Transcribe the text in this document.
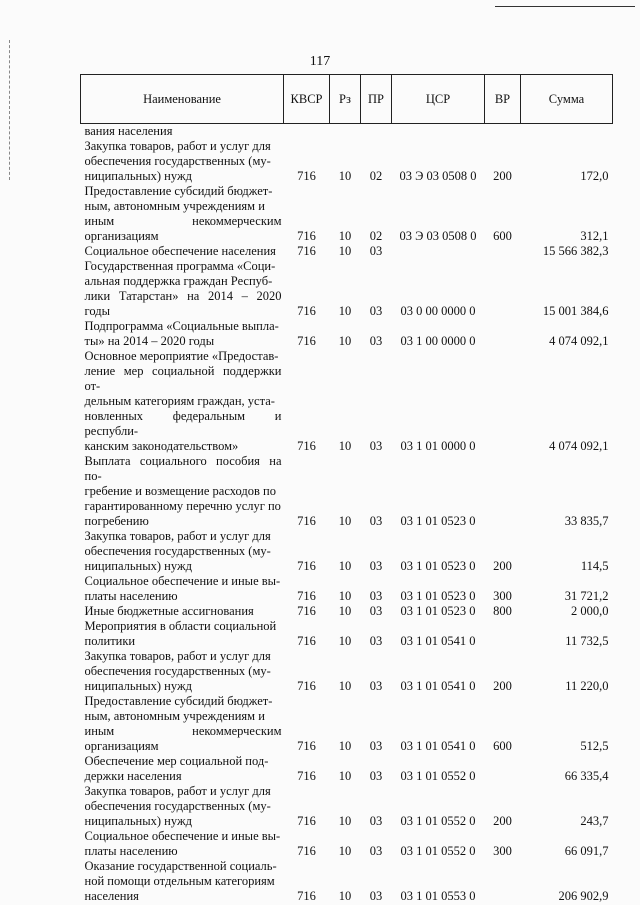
117
Наименование	КВСР	Рз	ПР	ЦСР	ВР	Сумма

вания населения						

Закупка товаров, работ и услуг для
обеспечения государственных (му-
ниципальных) нужд	716	10	02	03 Э 03 0508 0	200	172,0

Предоставление субсидий бюджет-
ным, автономным учреждениям и
иным некоммерческим организациям	716	10	02	03 Э 03 0508 0	600	312,1

Социальное обеспечение населения	716	10	03			15 566 382,3

Государственная программа «Соци-
альная поддержка граждан Респуб-
лики Татарстан» на 2014 – 2020 годы	716	10	03	03 0 00 0000 0		15 001 384,6

Подпрограмма «Социальные выпла-
ты» на 2014 – 2020 годы	716	10	03	03 1 00 0000 0		4 074 092,1

Основное мероприятие «Предостав-
ление мер социальной поддержки от-
дельным категориям граждан, уста-
новленных федеральным и республи-
канским законодательством»	716	10	03	03 1 01 0000 0		4 074 092,1

Выплата социального пособия на по-
гребение и возмещение расходов по
гарантированному перечню услуг по
погребению	716	10	03	03 1 01 0523 0		33 835,7

Закупка товаров, работ и услуг для
обеспечения государственных (му-
ниципальных) нужд	716	10	03	03 1 01 0523 0	200	114,5

Социальное обеспечение и иные вы-
платы населению	716	10	03	03 1 01 0523 0	300	31 721,2

Иные бюджетные ассигнования	716	10	03	03 1 01 0523 0	800	2 000,0

Мероприятия в области социальной
политики	716	10	03	03 1 01 0541 0		11 732,5

Закупка товаров, работ и услуг для
обеспечения государственных (му-
ниципальных) нужд	716	10	03	03 1 01 0541 0	200	11 220,0

Предоставление субсидий бюджет-
ным, автономным учреждениям и
иным некоммерческим организациям	716	10	03	03 1 01 0541 0	600	512,5

Обеспечение мер социальной под-
держки населения	716	10	03	03 1 01 0552 0		66 335,4

Закупка товаров, работ и услуг для
обеспечения государственных (му-
ниципальных) нужд	716	10	03	03 1 01 0552 0	200	243,7

Социальное обеспечение и иные вы-
платы населению	716	10	03	03 1 01 0552 0	300	66 091,7

Оказание государственной социаль-
ной помощи отдельным категориям
населения	716	10	03	03 1 01 0553 0		206 902,9
